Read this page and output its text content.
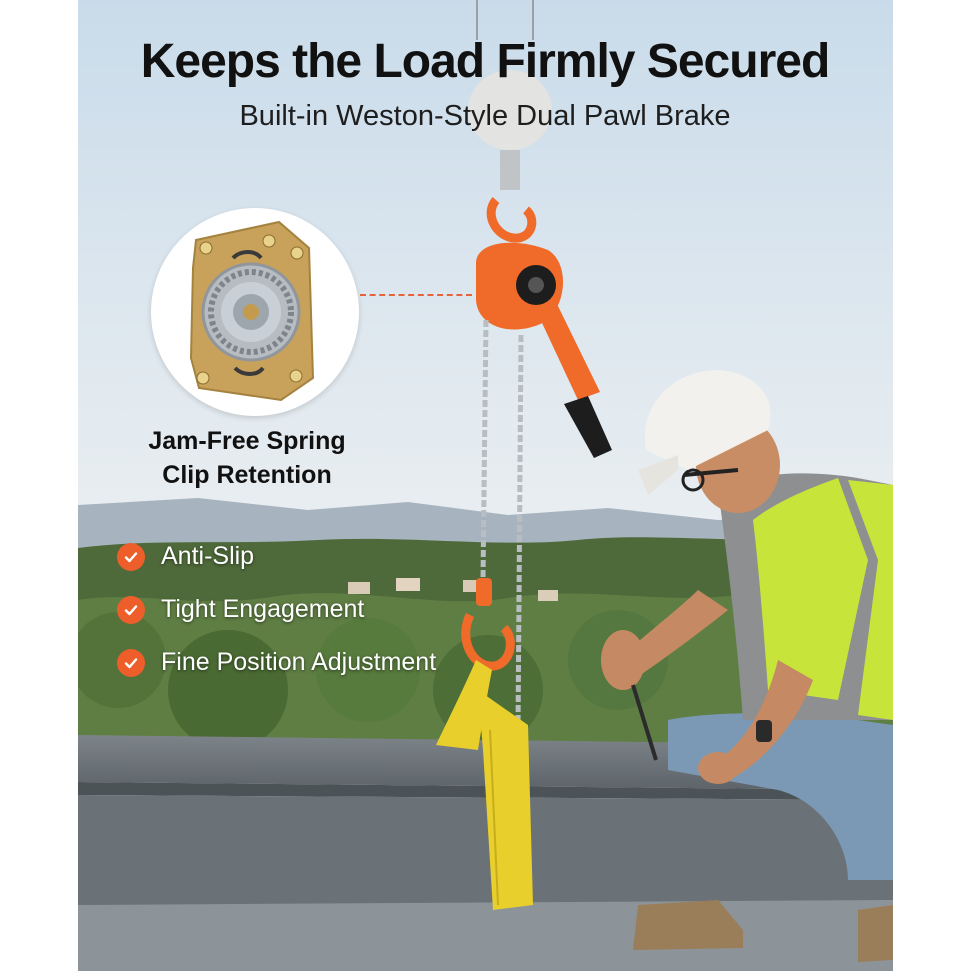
Keeps the Load Firmly Secured

Built-in Weston-Style Dual Pawl Brake

Jam-Free Spring
Clip Retention

Anti-Slip
Tight Engagement
Fine Position Adjustment
